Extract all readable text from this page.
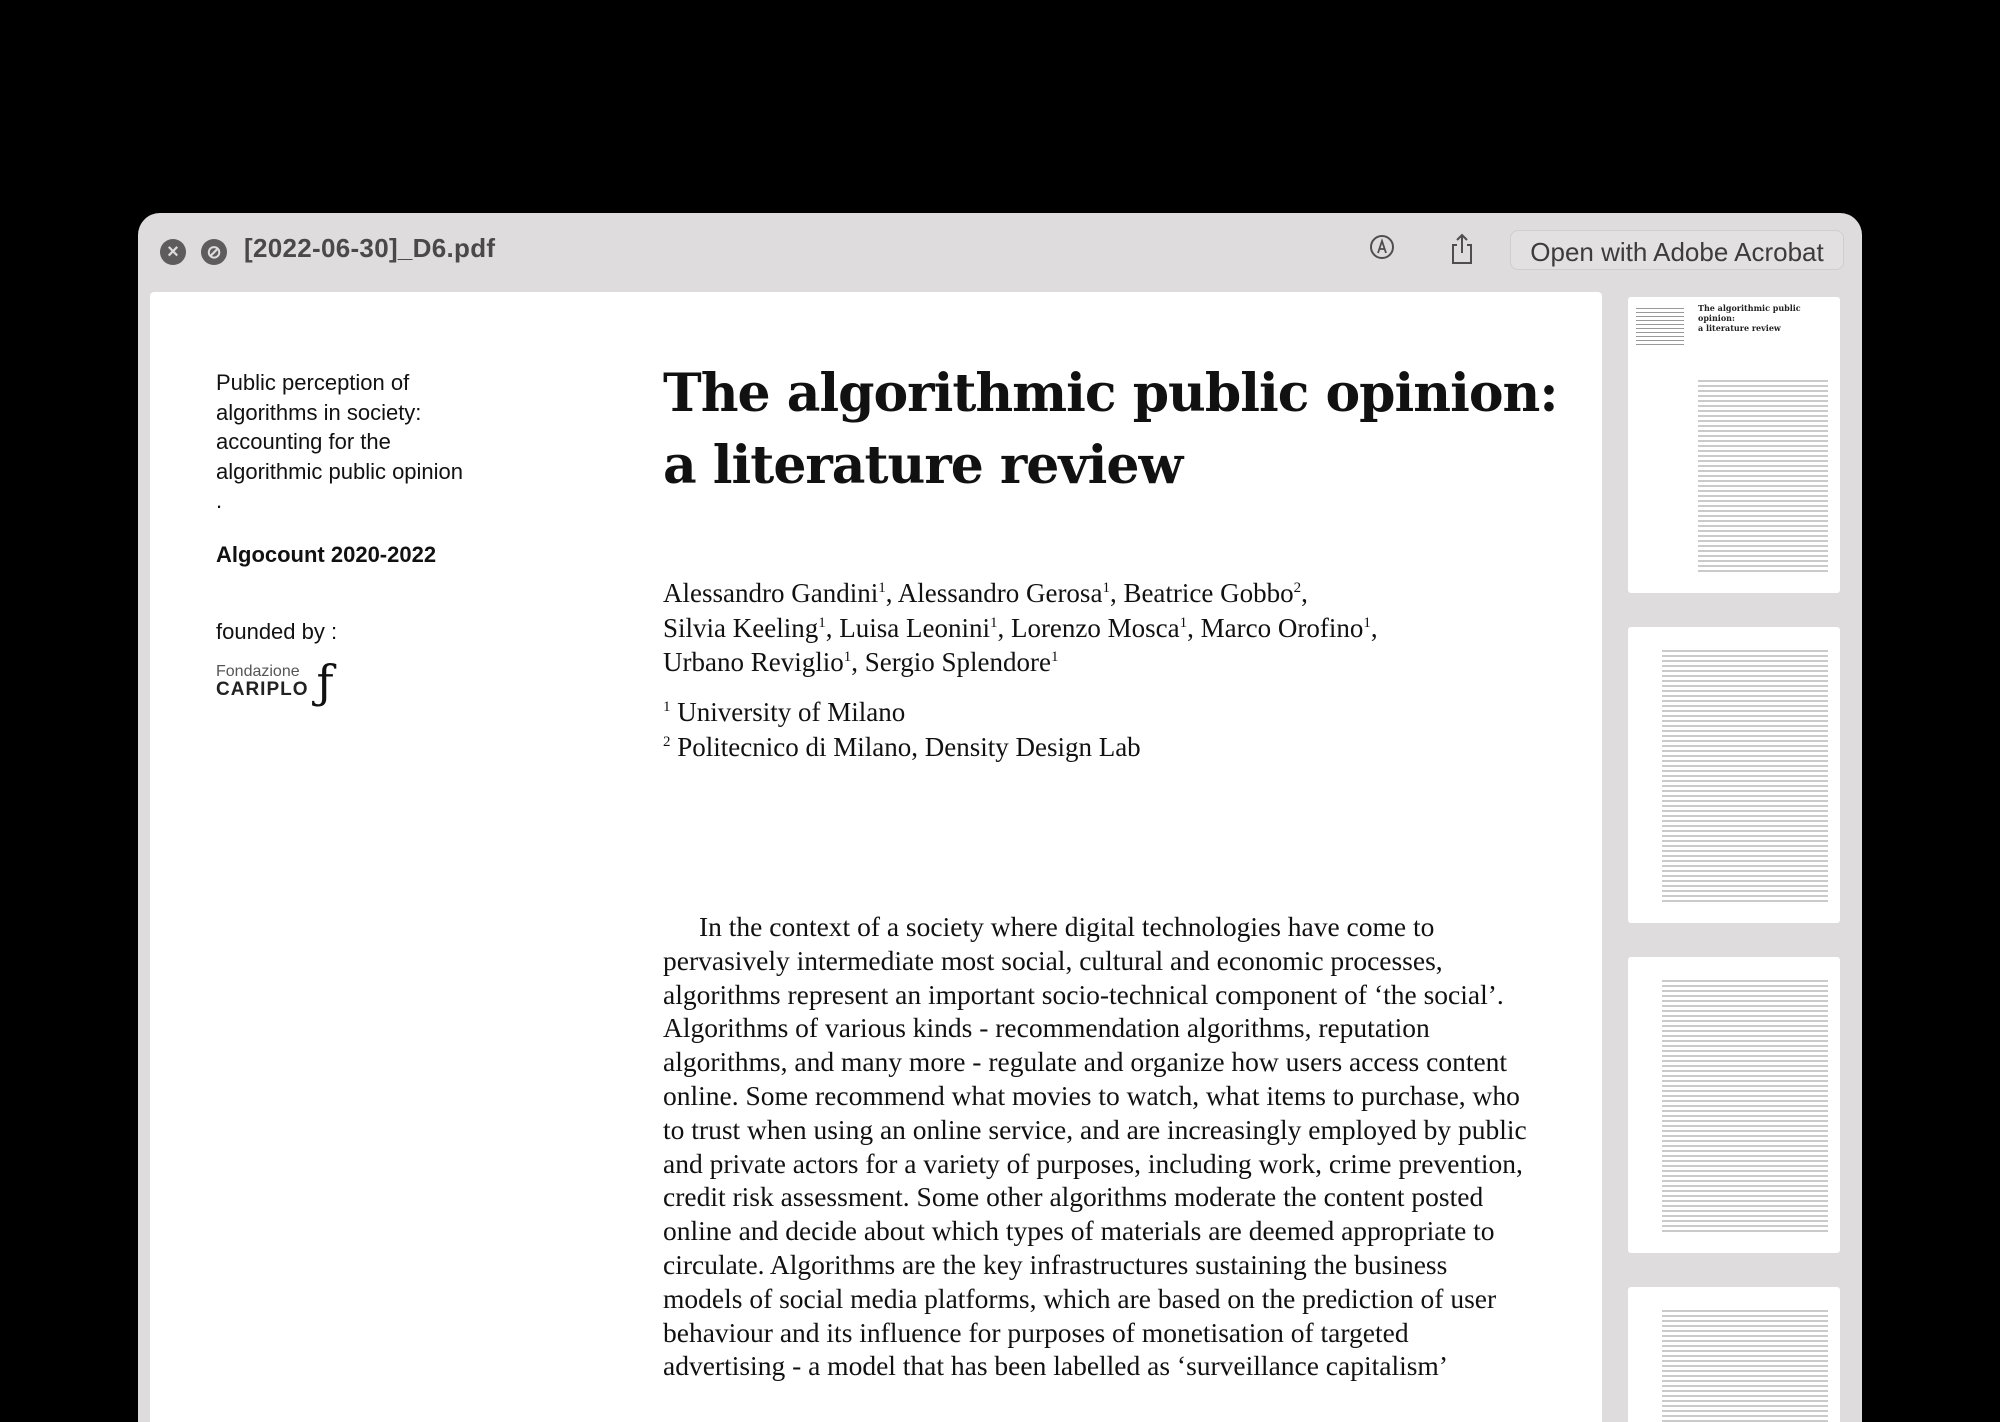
×	⊘ [2022-06-30]_D6.pdf	Open with Adobe Acrobat
Public perception of algorithms in society: accounting for the algorithmic public opinion .
Algocount 2020-2022
founded by :
Fondazione
CARIPLO ƒ
The algorithmic public opinion:
a literature review
Alessandro Gandini$^1$, Alessandro Gerosa$^1$, Beatrice Gobbo$^2$,
Silvia Keeling$^1$, Luisa Leonini$^1$, Lorenzo Mosca$^1$, Marco Orofino$^1$,
Urbano Reviglio$^1$, Sergio Splendore$^1$
$^1$ University of Milano
$^2$ Politecnico di Milano, Density Design Lab
In the context of a society where digital technologies have come to pervasively intermediate most social, cultural and economic processes, algorithms represent an important socio-technical component of ‘the social’. Algorithms of various kinds - recommendation algorithms, reputation algorithms, and many more - regulate and organize how users access content online. Some recommend what movies to watch, what items to purchase, who to trust when using an online service, and are increasingly employed by public and private actors for a variety of purposes, including work, crime prevention, credit risk assessment. Some other algorithms moderate the content posted online and decide about which types of materials are deemed appropriate to circulate. Algorithms are the key infrastructures sustaining the business models of social media platforms, which are based on the prediction of user behaviour and its influence for purposes of monetisation of targeted advertising - a model that has been labelled as ‘surveillance capitalism’
The algorithmic public opinion:
a literature review
